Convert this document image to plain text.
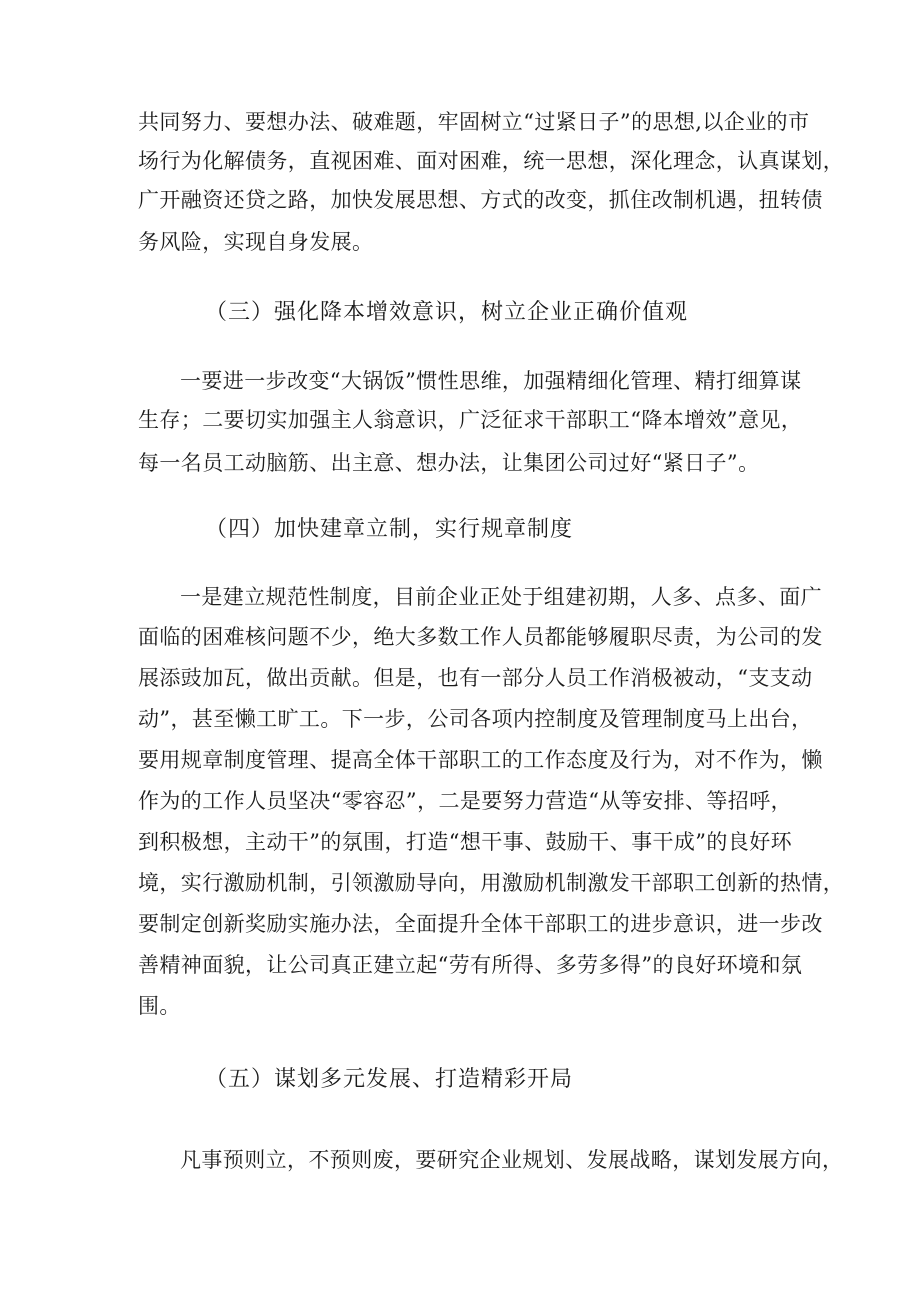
共同努力、要想办法、破难题，牢固树立“过紧日子”的思想,以企业的市
场行为化解债务，直视困难、面对困难，统一思想，深化理念，认真谋划，
广开融资还贷之路，加快发展思想、方式的改变，抓住改制机遇，扭转债
务风险，实现自身发展。
（三）强化降本增效意识，树立企业正确价值观
一要进一步改变“大锅饭”惯性思维，加强精细化管理、精打细算谋
生存；二要切实加强主人翁意识，广泛征求干部职工“降本增效”意见，
每一名员工动脑筋、出主意、想办法，让集团公司过好“紧日子”。
（四）加快建章立制，实行规章制度
一是建立规范性制度，目前企业正处于组建初期，人多、点多、面广
面临的困难核问题不少，绝大多数工作人员都能够履职尽责，为公司的发
展添豉加瓦，做出贡献。但是，也有一部分人员工作消极被动，“支支动
动”，甚至懒工旷工。下一步，公司各项内控制度及管理制度马上出台，
要用规章制度管理、提高全体干部职工的工作态度及行为，对不作为，懒
作为的工作人员坚决“零容忍”，二是要努力营造“从等安排、等招呼，
到积极想，主动干”的氛围，打造“想干事、鼓励干、事干成”的良好环
境，实行激励机制，引领激励导向，用激励机制激发干部职工创新的热情，
要制定创新奖励实施办法，全面提升全体干部职工的进步意识，进一步改
善精神面貌，让公司真正建立起“劳有所得、多劳多得”的良好环境和氛
围。
（五）谋划多元发展、打造精彩开局
凡事预则立，不预则废，要研究企业规划、发展战略，谋划发展方向，
